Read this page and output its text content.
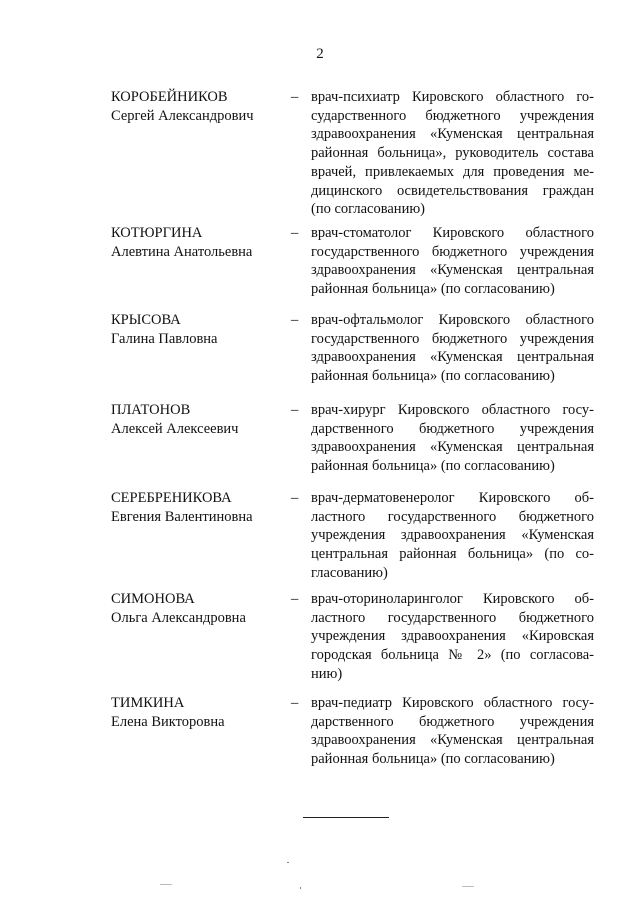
2
КОРОБЕЙНИКОВ
Сергей Александрович
– врач-психиатр Кировского областного го-
сударственного бюджетного учреждения
здравоохранения «Куменская центральная
районная больница», руководитель состава
врачей, привлекаемых для проведения ме-
дицинского освидетельствования граждан
(по согласованию)
КОТЮРГИНА
Алевтина Анатольевна
– врач-стоматолог Кировского областного
государственного бюджетного учреждения
здравоохранения «Куменская центральная
районная больница» (по согласованию)
КРЫСОВА
Галина Павловна
– врач-офтальмолог Кировского областного
государственного бюджетного учреждения
здравоохранения «Куменская центральная
районная больница» (по согласованию)
ПЛАТОНОВ
Алексей Алексеевич
– врач-хирург Кировского областного госу-
дарственного бюджетного учреждения
здравоохранения «Куменская центральная
районная больница» (по согласованию)
СЕРЕБРЕНИКОВА
Евгения Валентиновна
– врач-дерматовенеролог Кировского об-
ластного государственного бюджетного
учреждения здравоохранения «Куменская
центральная районная больница» (по со-
гласованию)
СИМОНОВА
Ольга Александровна
– врач-оториноларинголог Кировского об-
ластного государственного бюджетного
учреждения здравоохранения «Кировская
городская больница № 2» (по согласова-
нию)
ТИМКИНА
Елена Викторовна
– врач-педиатр Кировского областного госу-
дарственного бюджетного учреждения
здравоохранения «Куменская центральная
районная больница» (по согласованию)
